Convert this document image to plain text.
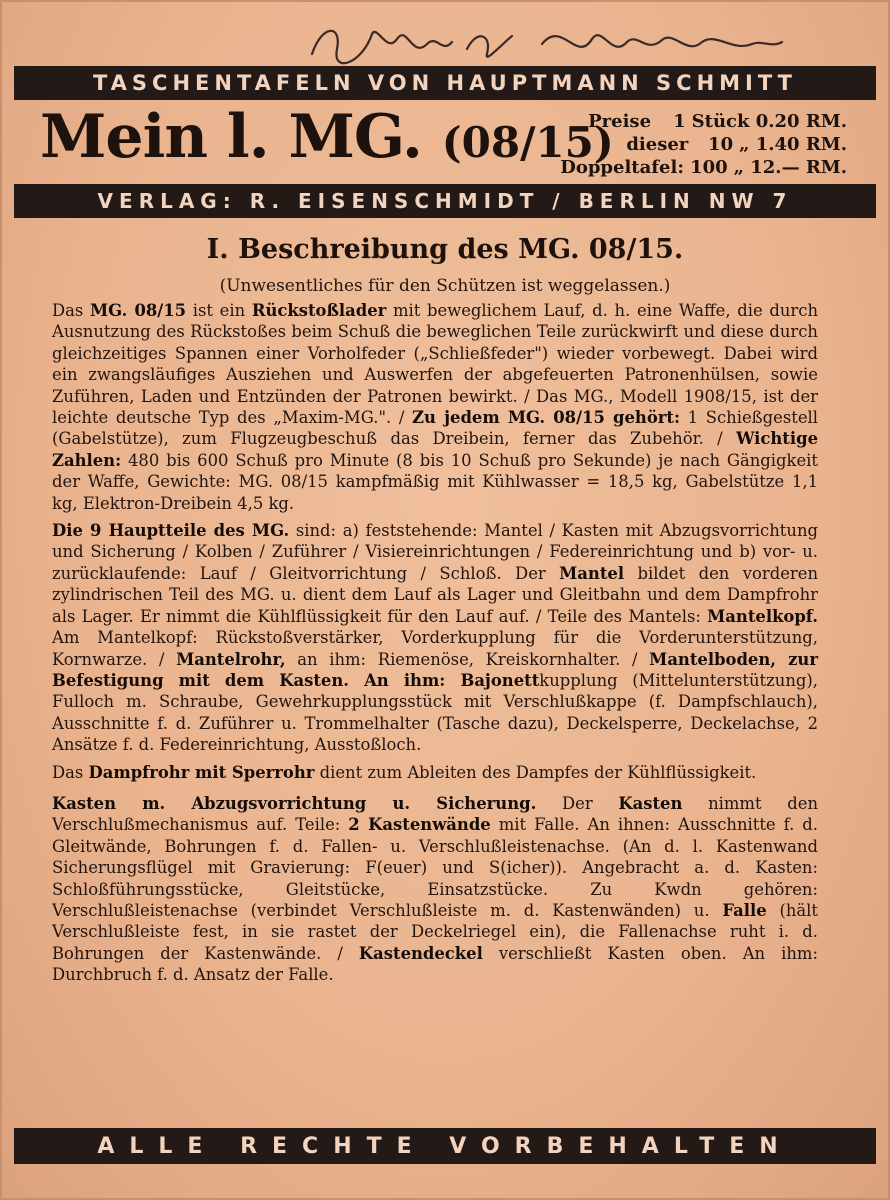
TASCHENTAFELN VON HAUPTMANN SCHMITT
Mein l. MG. (08/15)
Preise	1 Stück 0.20 RM.
dieser	10 „ 1.40 RM.
Doppeltafel: 100 „ 12.— RM.
VERLAG: R. EISENSCHMIDT / BERLIN NW 7
I. Beschreibung des MG. 08/15.
(Unwesentliches für den Schützen ist weggelassen.)

Das MG. 08/15 ist ein Rückstoßlader mit beweglichem Lauf, d. h. eine Waffe, die durch Ausnutzung des Rückstoßes beim Schuß die beweglichen Teile zurückwirft und diese durch gleichzeitiges Spannen einer Vorholfeder („Schließfeder") wieder vorbewegt. Dabei wird ein zwangsläufiges Ausziehen und Auswerfen der abgefeuerten Patronenhülsen, sowie Zuführen, Laden und Entzünden der Patronen bewirkt. / Das MG., Modell 1908/15, ist der leichte deutsche Typ des „Maxim-MG.". / Zu jedem MG. 08/15 gehört: 1 Schießgestell (Gabelstütze), zum Flugzeugbeschuß das Dreibein, ferner das Zubehör. / Wichtige Zahlen: 480 bis 600 Schuß pro Minute (8 bis 10 Schuß pro Sekunde) je nach Gängigkeit der Waffe, Gewichte: MG. 08/15 kampfmäßig mit Kühlwasser = 18,5 kg, Gabelstütze 1,1 kg, Elektron-Dreibein 4,5 kg.

Die 9 Hauptteile des MG. sind: a) feststehende: Mantel / Kasten mit Abzugsvorrichtung und Sicherung / Kolben / Zuführer / Visiereinrichtungen / Federeinrichtung und b) vor- u. zurücklaufende: Lauf / Gleitvorrichtung / Schloß. Der Mantel bildet den vorderen zylindrischen Teil des MG. u. dient dem Lauf als Lager und Gleitbahn und dem Dampfrohr als Lager. Er nimmt die Kühlflüssigkeit für den Lauf auf. / Teile des Mantels: Mantelkopf. Am Mantelkopf: Rückstoßverstärker, Vorderkupplung für die Vorderunterstützung, Kornwarze. / Mantelrohr, an ihm: Riemenöse, Kreiskornhalter. / Mantelboden, zur Befestigung mit dem Kasten. An ihm: Bajonettkupplung (Mittelunterstützung), Fulloch m. Schraube, Gewehrkupplungsstück mit Verschlußkappe (f. Dampfschlauch), Ausschnitte f. d. Zuführer u. Trommelhalter (Tasche dazu), Deckelsperre, Deckelachse, 2 Ansätze f. d. Federeinrichtung, Ausstoßloch.

Das Dampfrohr mit Sperrohr dient zum Ableiten des Dampfes der Kühlflüssigkeit.

Kasten m. Abzugsvorrichtung u. Sicherung. Der Kasten nimmt den Verschlußmechanismus auf. Teile: 2 Kastenwände mit Falle. An ihnen: Ausschnitte f. d. Gleitwände, Bohrungen f. d. Fallen- u. Verschlußleistenachse. (An d. l. Kastenwand Sicherungsflügel mit Gravierung: F(euer) und S(icher)). Angebracht a. d. Kasten: Schloßführungsstücke, Gleitstücke, Einsatzstücke. Zu Kwdn gehören: Verschlußleistenachse (verbindet Verschlußleiste m. d. Kastenwänden) u. Falle (hält Verschlußleiste fest, in sie rastet der Deckelriegel ein), die Fallenachse ruht i. d. Bohrungen der Kastenwände. / Kastendeckel verschließt Kasten oben. An ihm: Durchbruch f. d. Ansatz der Falle.

ALLE RECHTE VORBEHALTEN
